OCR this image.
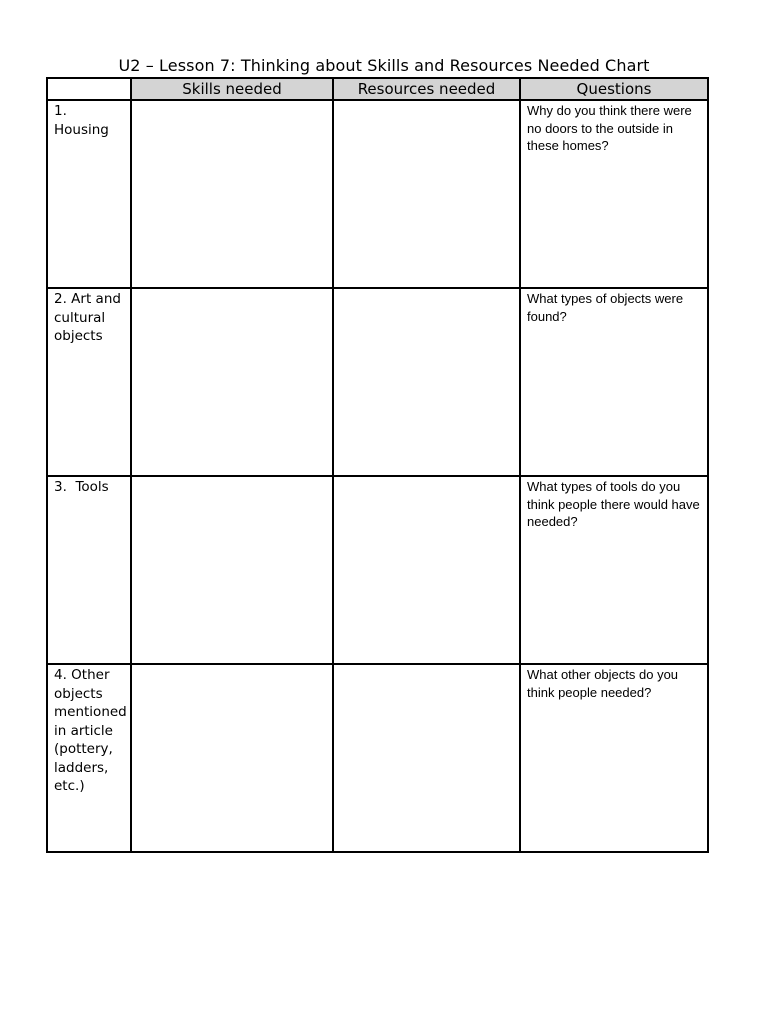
U2 – Lesson 7: Thinking about Skills and Resources Needed Chart
	Skills needed	Resources needed	Questions

1.
Housing			Why do you think there were no doors to the outside in these homes?

2. Art and cultural objects			What types of objects were found?

3.  Tools			What types of tools do you think people there would have needed?

4. Other objects mentioned in article (pottery, ladders, etc.)			What other objects do you think people needed?
